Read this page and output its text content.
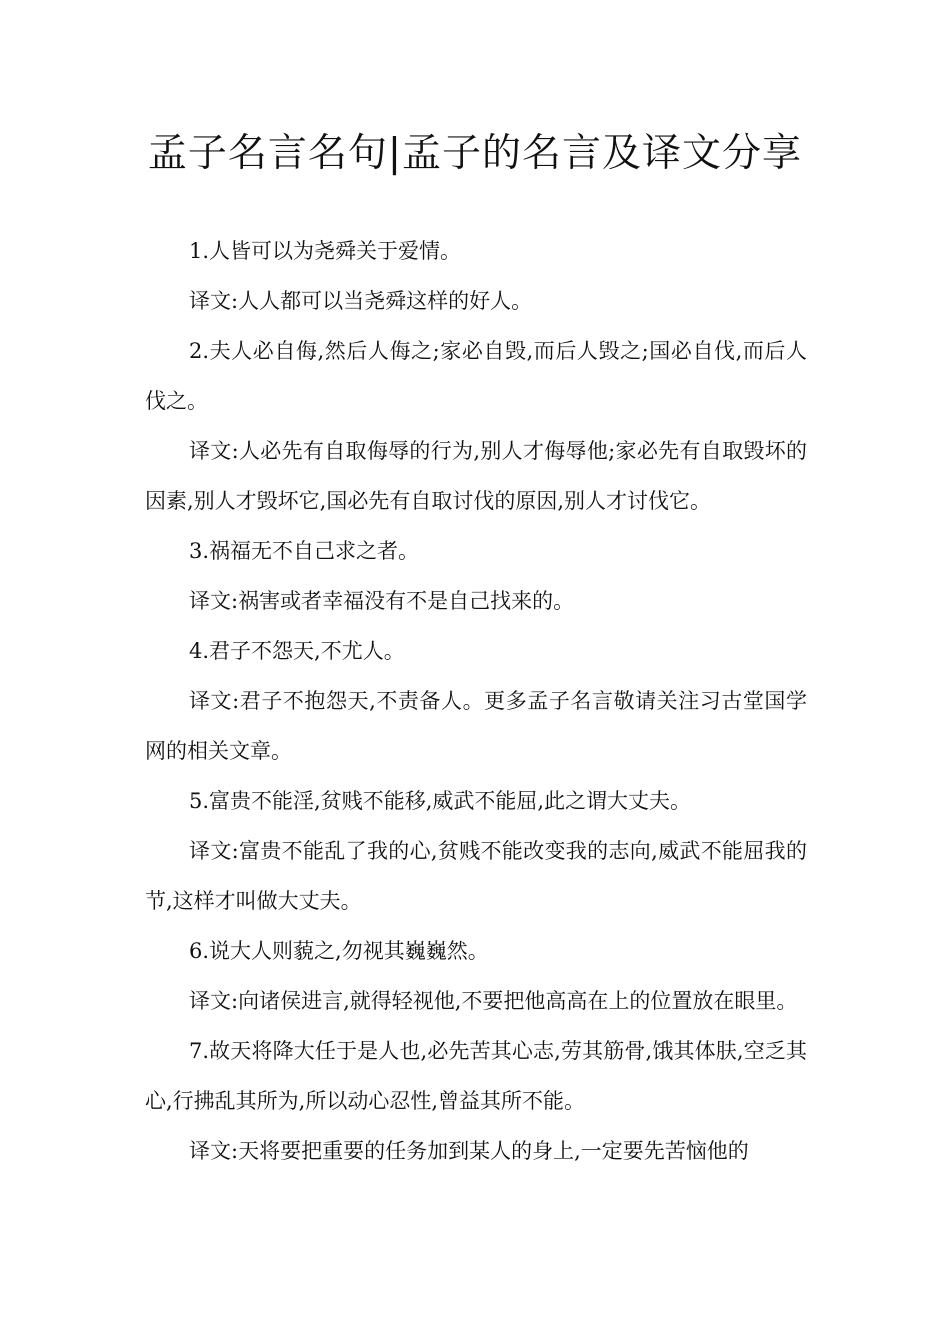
孟子名言名句|孟子的名言及译文分享

1.人皆可以为尧舜关于爱情。

译文:人人都可以当尧舜这样的好人。

2.夫人必自侮,然后人侮之;家必自毁,而后人毁之;国必自伐,而后人伐之。

译文:人必先有自取侮辱的行为,别人才侮辱他;家必先有自取毁坏的因素,别人才毁坏它,国必先有自取讨伐的原因,别人才讨伐它。

3.祸福无不自己求之者。

译文:祸害或者幸福没有不是自己找来的。

4.君子不怨天,不尤人。

译文:君子不抱怨天,不责备人。更多孟子名言敬请关注习古堂国学网的相关文章。

5.富贵不能淫,贫贱不能移,威武不能屈,此之谓大丈夫。

译文:富贵不能乱了我的心,贫贱不能改变我的志向,威武不能屈我的节,这样才叫做大丈夫。

6.说大人则藐之,勿视其巍巍然。

译文:向诸侯进言,就得轻视他,不要把他高高在上的位置放在眼里。

7.故天将降大任于是人也,必先苦其心志,劳其筋骨,饿其体肤,空乏其心,行拂乱其所为,所以动心忍性,曾益其所不能。

译文:天将要把重要的任务加到某人的身上,一定要先苦恼他的
